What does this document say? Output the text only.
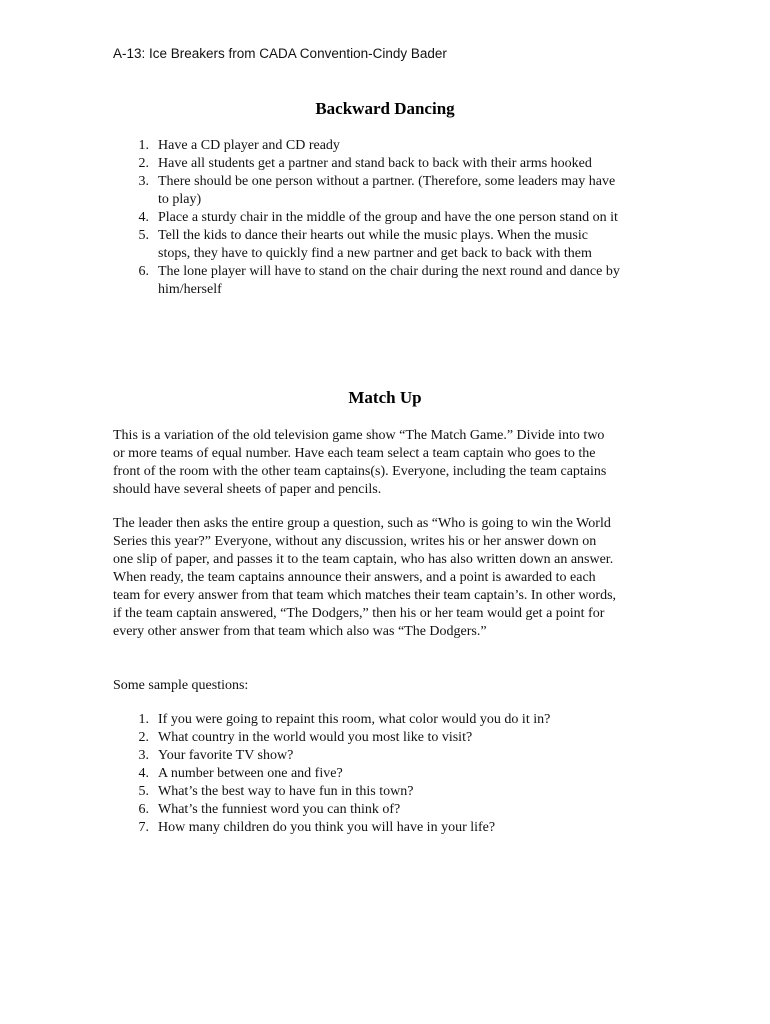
A-13: Ice Breakers from CADA Convention-Cindy Bader
Backward Dancing
1. Have a CD player and CD ready
2. Have all students get a partner and stand back to back with their arms hooked
3. There should be one person without a partner. (Therefore, some leaders may have
to play)
4. Place a sturdy chair in the middle of the group and have the one person stand on it
5. Tell the kids to dance their hearts out while the music plays. When the music
stops, they have to quickly find a new partner and get back to back with them
6. The lone player will have to stand on the chair during the next round and dance by
him/herself
Match Up

This is a variation of the old television game show “The Match Game.” Divide into two
or more teams of equal number. Have each team select a team captain who goes to the
front of the room with the other team captains(s). Everyone, including the team captains
should have several sheets of paper and pencils.

The leader then asks the entire group a question, such as “Who is going to win the World
Series this year?” Everyone, without any discussion, writes his or her answer down on
one slip of paper, and passes it to the team captain, who has also written down an answer.
When ready, the team captains announce their answers, and a point is awarded to each
team for every answer from that team which matches their team captain’s. In other words,
if the team captain answered, “The Dodgers,” then his or her team would get a point for
every other answer from that team which also was “The Dodgers.”

Some sample questions:

1. If you were going to repaint this room, what color would you do it in?
2. What country in the world would you most like to visit?
3. Your favorite TV show?
4. A number between one and five?
5. What’s the best way to have fun in this town?
6. What’s the funniest word you can think of?
7. How many children do you think you will have in your life?
